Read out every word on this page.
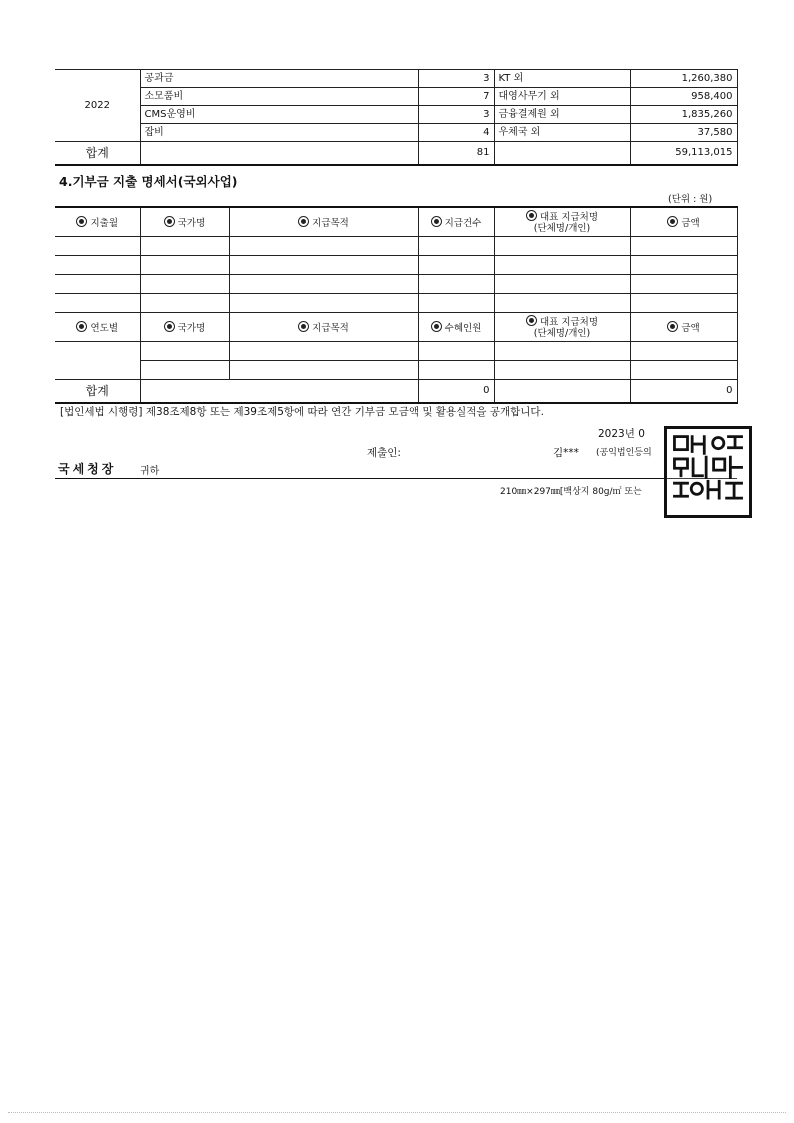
2022	공과금	3	KT 외	1,260,380
	소모품비	7	대영사무기 외	958,400
	CMS운영비	3	금융결제원 외	1,835,260
	잡비	4	우체국 외	37,580
합계		81		59,113,015
4.기부금 지출 명세서(국외사업)
(단위 : 원)
지출월	국가명	지급목적	지급건수	대표 지급처명
(단체명/개인)	금액

연도별	국가명	지급목적	수혜인원	대표 지급처명
(단체명/개인)	금액

합계			0		0
[법인세법 시행령] 제38조제8항 또는 제39조제5항에 따라 연간 기부금 모금액 및 활용실적을 공개합니다.
2023년 0
제출인:	김*** (공익법인등의
국세청장 귀하
210㎜×297㎜[백상지 80g/㎡ 또는
